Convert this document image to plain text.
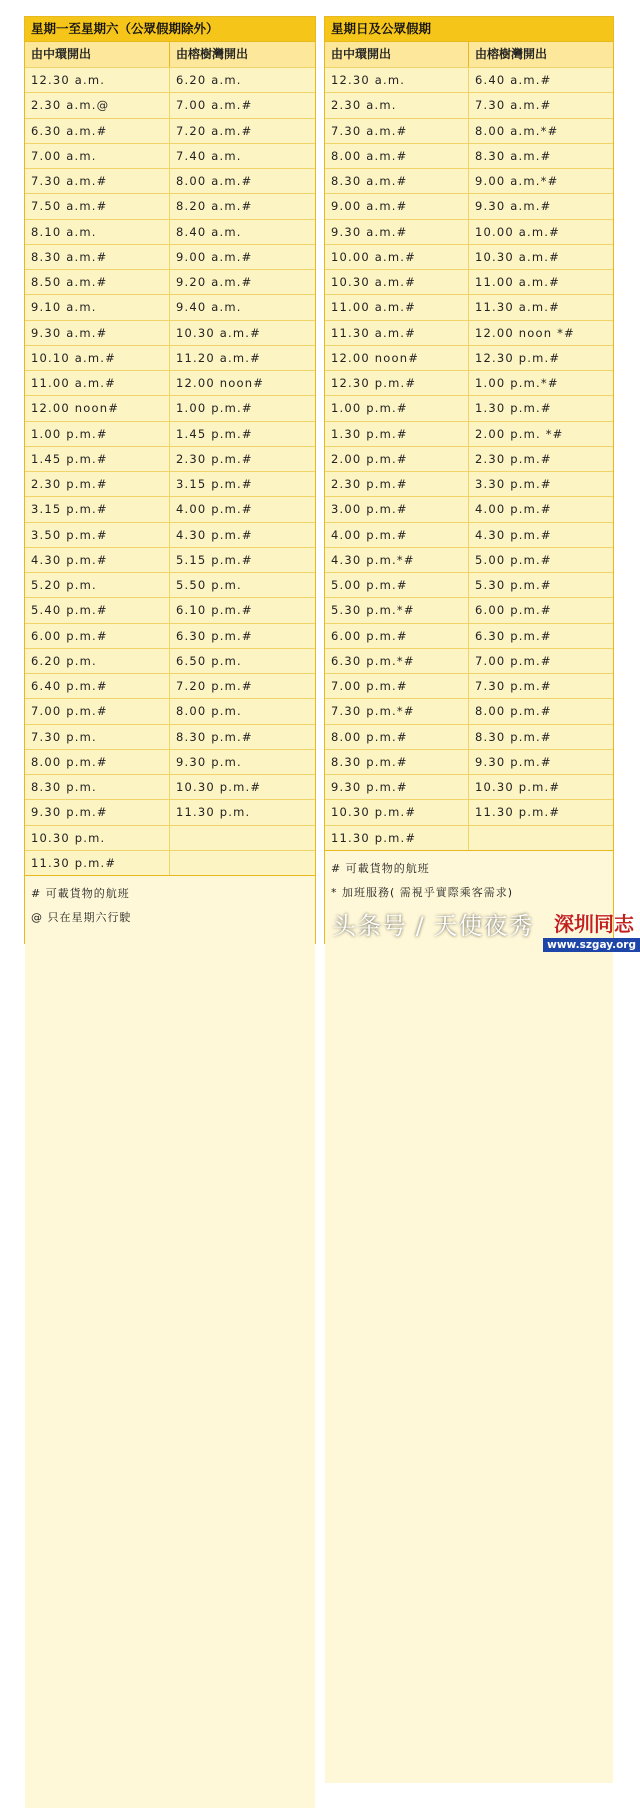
星期一至星期六（公眾假期除外）
由中環開出	由榕樹灣開出
12.30 a.m.	6.20 a.m.
2.30 a.m.@	7.00 a.m.#
6.30 a.m.#	7.20 a.m.#
7.00 a.m.	7.40 a.m.
7.30 a.m.#	8.00 a.m.#
7.50 a.m.#	8.20 a.m.#
8.10 a.m.	8.40 a.m.
8.30 a.m.#	9.00 a.m.#
8.50 a.m.#	9.20 a.m.#
9.10 a.m.	9.40 a.m.
9.30 a.m.#	10.30 a.m.#
10.10 a.m.#	11.20 a.m.#
11.00 a.m.#	12.00 noon#
12.00 noon#	1.00 p.m.#
1.00 p.m.#	1.45 p.m.#
1.45 p.m.#	2.30 p.m.#
2.30 p.m.#	3.15 p.m.#
3.15 p.m.#	4.00 p.m.#
3.50 p.m.#	4.30 p.m.#
4.30 p.m.#	5.15 p.m.#
5.20 p.m.	5.50 p.m.
5.40 p.m.#	6.10 p.m.#
6.00 p.m.#	6.30 p.m.#
6.20 p.m.	6.50 p.m.
6.40 p.m.#	7.20 p.m.#
7.00 p.m.#	8.00 p.m.
7.30 p.m.	8.30 p.m.#
8.00 p.m.#	9.30 p.m.
8.30 p.m.	10.30 p.m.#
9.30 p.m.#	11.30 p.m.
10.30 p.m.
11.30 p.m.#
# 可載貨物的航班
@ 只在星期六行駛
星期日及公眾假期
由中環開出	由榕樹灣開出
12.30 a.m.	6.40 a.m.#
2.30 a.m.	7.30 a.m.#
7.30 a.m.#	8.00 a.m.*#
8.00 a.m.#	8.30 a.m.#
8.30 a.m.#	9.00 a.m.*#
9.00 a.m.#	9.30 a.m.#
9.30 a.m.#	10.00 a.m.#
10.00 a.m.#	10.30 a.m.#
10.30 a.m.#	11.00 a.m.#
11.00 a.m.#	11.30 a.m.#
11.30 a.m.#	12.00 noon *#
12.00 noon#	12.30 p.m.#
12.30 p.m.#	1.00 p.m.*#
1.00 p.m.#	1.30 p.m.#
1.30 p.m.#	2.00 p.m. *#
2.00 p.m.#	2.30 p.m.#
2.30 p.m.#	3.30 p.m.#
3.00 p.m.#	4.00 p.m.#
4.00 p.m.#	4.30 p.m.#
4.30 p.m.*#	5.00 p.m.#
5.00 p.m.#	5.30 p.m.#
5.30 p.m.*#	6.00 p.m.#
6.00 p.m.#	6.30 p.m.#
6.30 p.m.*#	7.00 p.m.#
7.00 p.m.#	7.30 p.m.#
7.30 p.m.*#	8.00 p.m.#
8.00 p.m.#	8.30 p.m.#
8.30 p.m.#	9.30 p.m.#
9.30 p.m.#	10.30 p.m.#
10.30 p.m.#	11.30 p.m.#
11.30 p.m.#
# 可載貨物的航班
* 加班服務( 需視乎實際乘客需求)
头条号 / 天使夜秀 深圳同志
www.szgay.org
